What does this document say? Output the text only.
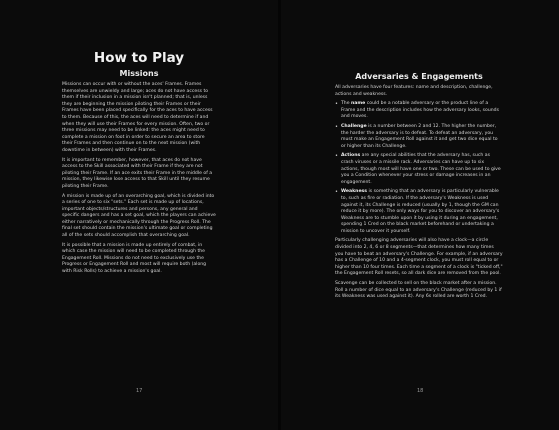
How to Play
Missions

Missions can occur with or without the aces' Frames. Frames themselves are unwieldy and large; aces do not have access to them if their inclusion in a mission isn't planned; that is, unless they are beginning the mission piloting their Frames or their Frames have been placed specifically for the aces to have access to them. Because of this, the aces will need to determine if and when they will use their Frames for every mission. Often, two or three missions may need to be linked: the aces might need to complete a mission on foot in order to secure an area to store their Frames and then continue on to the next mission (with downtime in between) with their Frames.

It is important to remember, however, that aces do not have access to the Skill associated with their Frame if they are not piloting their Frame. If an ace exits their Frame in the middle of a mission, they likewise lose access to that Skill until they resume piloting their Frame.

A mission is made up of an overarching goal, which is divided into a series of one to six "sets." Each set is made up of locations, important objects/structures and persons, any general and specific dangers and has a set goal, which the players can achieve either narratively or mechanically through the Progress Roll. The final set should contain the mission's ultimate goal or completing all of the sets should accomplish that overarching goal.

It is possible that a mission is made up entirely of combat, in which case the mission will need to be completed through the Engagement Roll. Missions do not need to exclusively use the Progress or Engagement Roll and most will require both (along with Risk Rolls) to achieve a mission's goal.

17
Adversaries & Engagements

All adversaries have four features: name and description, challenge, actions and weakness.

• The name could be a notable adversary or the product line of a Frame and the description includes how the adversary looks, sounds and moves.
• Challenge is a number between 2 and 12. The higher the number, the harder the adversary is to defeat. To defeat an adversary, you must make an Engagement Roll against it and get two dice equal to or higher than its Challenge.
• Actions are any special abilities that the adversary has, such as crash viruses or a missile rack. Adversaries can have up to six actions, though most will have one or two. These can be used to give you a Condition whenever your stress or damage increases in an engagement.
• Weakness is something that an adversary is particularly vulnerable to, such as fire or radiation. If the adversary's Weakness is used against it, its Challenge is reduced (usually by 1, though the GM can reduce it by more). The only ways for you to discover an adversary's Weakness are to stumble upon it by using it during an engagement, spending 1 Cred on the black market beforehand or undertaking a mission to uncover it yourself.

Particularly challenging adversaries will also have a clock—a circle divided into 2, 4, 6 or 8 segments—that determines how many times you have to beat an adversary's Challenge. For example, if an adversary has a Challenge of 10 and a 4-segment clock, you must roll equal to or higher than 10 four times. Each time a segment of a clock is "ticked off," the Engagement Roll resets, so all dark dice are removed from the pool.

Scavenge can be collected to sell on the black market after a mission. Roll a number of dice equal to an adversary's Challenge (reduced by 1 if its Weakness was used against it). Any 6s rolled are worth 1 Cred.

18
